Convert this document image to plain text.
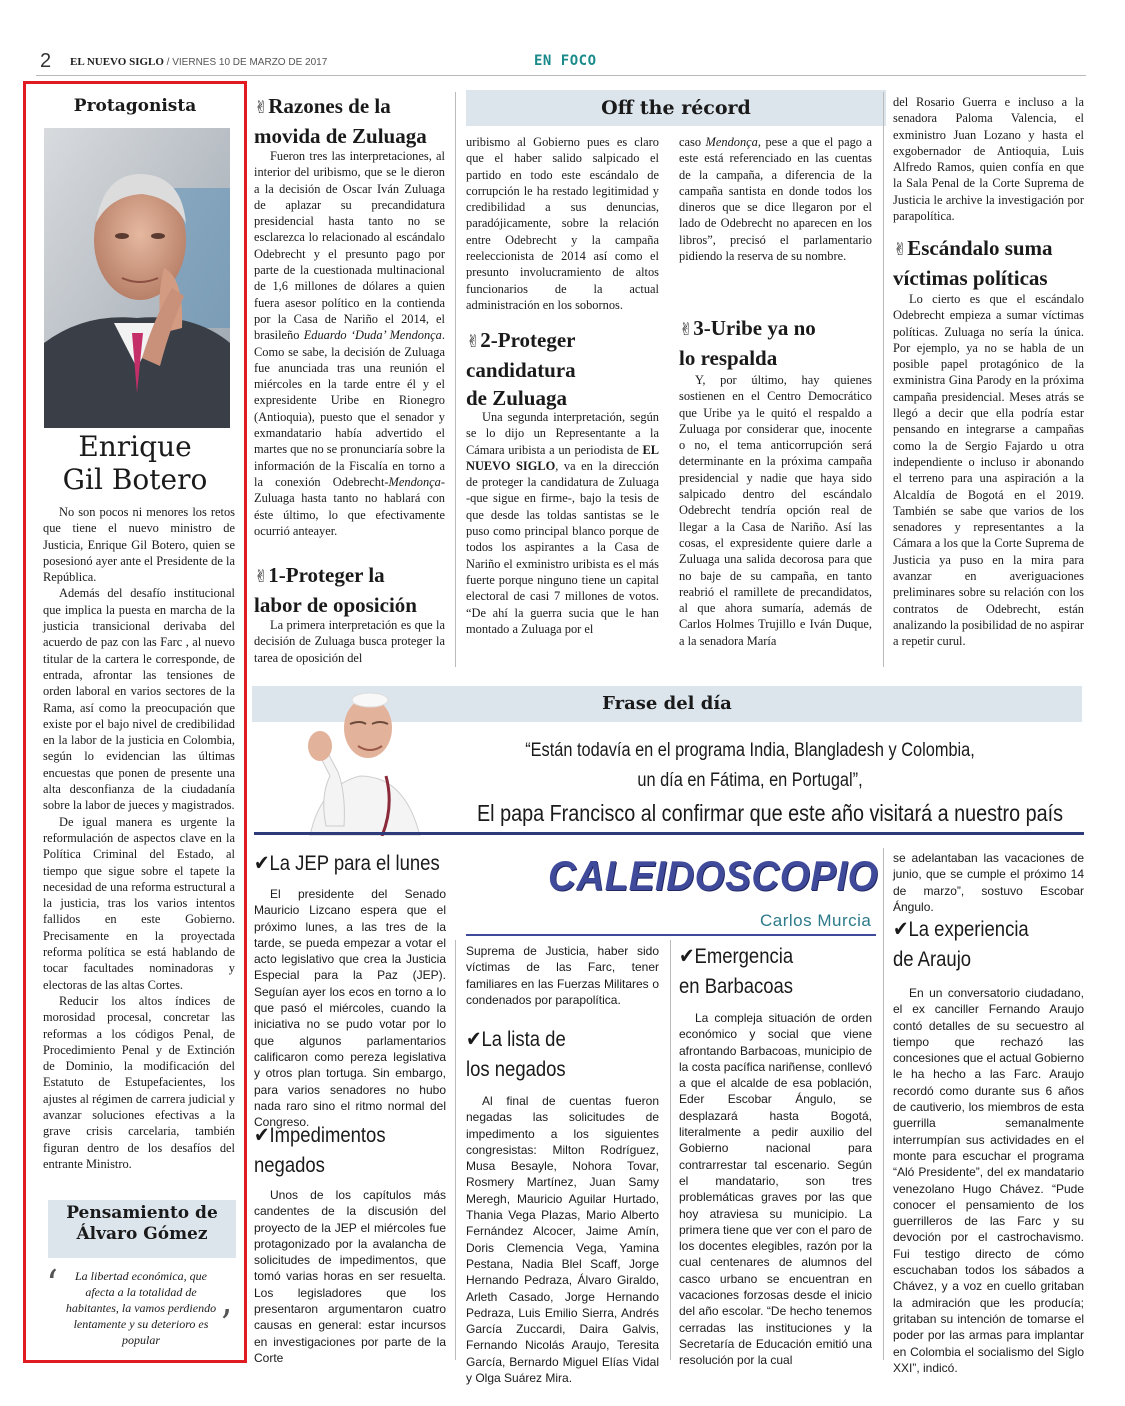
2 EL NUEVO SIGLO / VIERNES 10 DE MARZO DE 2017	EN FOCO
Protagonista
Enrique
Gil Botero

No son pocos ni menores los retos que tiene el nuevo ministro de Justicia, Enrique Gil Botero, quien se posesionó ayer ante el Presidente de la República.

Además del desafío institucional que implica la puesta en marcha de la justicia transicional derivaba del acuerdo de paz con las Farc , al nuevo titular de la cartera le corresponde, de entrada, afrontar las tensiones de orden laboral en varios sectores de la Rama, así como la preocupación que existe por el bajo nivel de credibilidad en la labor de la justicia en Colombia, según lo evidencian las últimas encuestas que ponen de presente una alta desconfianza de la ciudadanía sobre la labor de jueces y magistrados.

De igual manera es urgente la reformulación de aspectos clave en la Política Criminal del Estado, al tiempo que sigue sobre el tapete la necesidad de una reforma estructural a la justicia, tras los varios intentos fallidos en este Gobierno. Precisamente en la proyectada reforma política se está hablando de tocar facultades nominadoras y electoras de las altas Cortes.

Reducir los altos índices de morosidad procesal, concretar las reformas a los códigos Penal, de Procedimiento Penal y de Extinción de Dominio, la modificación del Estatuto de Estupefacientes, los ajustes al régimen de carrera judicial y avanzar soluciones efectivas a la grave crisis carcelaria, también figuran dentro de los desafíos del entrante Ministro.

Pensamiento de
Álvaro Gómez
La libertad económica, que afecta a la totalidad de habitantes, la vamos perdiendo lentamente y su deterioro es popular
‘
’
✌Razones de la
movida de Zuluaga

Fueron tres las interpretaciones, al interior del uribismo, que se le dieron a la decisión de Oscar Iván Zuluaga de aplazar su precandidatura presidencial hasta tanto no se esclarezca lo relacionado al escándalo Odebrecht y el presunto pago por parte de la cuestionada multinacional de 1,6 millones de dólares a quien fuera asesor político en la contienda por la Casa de Nariño el 2014, el brasileño Eduardo ‘Duda’ Mendonça. Como se sabe, la decisión de Zuluaga fue anunciada tras una reunión el miércoles en la tarde entre él y el expresidente Uribe en Rionegro (Antioquia), puesto que el senador y exmandatario había advertido el martes que no se pronunciaría sobre la información de la Fiscalía en torno a la conexión Odebrecht-Mendonça-Zuluaga hasta tanto no hablará con éste último, lo que efectivamente ocurrió anteayer.

✌1-Proteger la
labor de oposición

La primera interpretación es que la decisión de Zuluaga busca proteger la tarea de oposición del

Off the récord

uribismo al Gobierno pues es claro que el haber salido salpicado el partido en todo este escándalo de corrupción le ha restado legitimidad y credibilidad a sus denuncias, paradójicamente, sobre la relación entre Odebrecht y la campaña reeleccionista de 2014 así como el presunto involucramiento de altos funcionarios de la actual administración en los sobornos.

✌2-Proteger
candidatura
de Zuluaga

Una segunda interpretación, según se lo dijo un Representante a la Cámara uribista a un periodista de EL NUEVO SIGLO, va en la dirección de proteger la candidatura de Zuluaga -que sigue en firme-, bajo la tesis de que desde las toldas santistas se le puso como principal blanco porque de todos los aspirantes a la Casa de Nariño el exministro uribista es el más fuerte porque ninguno tiene un capital electoral de casi 7 millones de votos. “De ahí la guerra sucia que le han montado a Zuluaga por el

caso Mendonça, pese a que el pago a este está referenciado en las cuentas de la campaña, a diferencia de la campaña santista en donde todos los dineros que se dice llegaron por el lado de Odebrecht no aparecen en los libros”, precisó el parlamentario pidiendo la reserva de su nombre.

✌3-Uribe ya no
lo respalda

Y, por último, hay quienes sostienen en el Centro Democrático que Uribe ya le quitó el respaldo a Zuluaga por considerar que, inocente o no, el tema anticorrupción será determinante en la próxima campaña presidencial y nadie que haya sido salpicado dentro del escándalo Odebrecht tendría opción real de llegar a la Casa de Nariño. Así las cosas, el expresidente quiere darle a Zuluaga una salida decorosa para que no baje de su campaña, en tanto reabrió el ramillete de precandidatos, al que ahora sumaría, además de Carlos Holmes Trujillo e Iván Duque, a la senadora María

del Rosario Guerra e incluso a la senadora Paloma Valencia, el exministro Juan Lozano y hasta el exgobernador de Antioquia, Luis Alfredo Ramos, quien confía en que la Sala Penal de la Corte Suprema de Justicia le archive la investigación por parapolítica.

✌Escándalo suma
víctimas políticas

Lo cierto es que el escándalo Odebrecht empieza a sumar víctimas políticas. Zuluaga no sería la única. Por ejemplo, ya no se habla de un posible papel protagónico de la exministra Gina Parody en la próxima campaña presidencial. Meses atrás se llegó a decir que ella podría estar pensando en integrarse a campañas como la de Sergio Fajardo u otra independiente o incluso ir abonando el terreno para una aspiración a la Alcaldía de Bogotá en el 2019. También se sabe que varios de los senadores y representantes a la Cámara a los que la Corte Suprema de Justicia ya puso en la mira para avanzar en averiguaciones preliminares sobre su relación con los contratos de Odebrecht, están analizando la posibilidad de no aspirar a repetir curul.

Frase del día
“Están todavía en el programa India, Blangladesh y Colombia,
un día en Fátima, en Portugal”,
El papa Francisco al confirmar que este año visitará a nuestro país
CALEIDOSCOPIO
Carlos Murcia
✔La JEP para el lunes

El presidente del Senado Mauricio Lizcano espera que el próximo lunes, a las tres de la tarde, se pueda empezar a votar el acto legislativo que crea la Justicia Especial para la Paz (JEP). Seguían ayer los ecos en torno a lo que pasó el miércoles, cuando la iniciativa no se pudo votar por lo que algunos parlamentarios calificaron como pereza legislativa y otros plan tortuga. Sin embargo, para varios senadores no hubo nada raro sino el ritmo normal del Congreso.

✔Impedimentos
negados

Unos de los capítulos más candentes de la discusión del proyecto de la JEP el miércoles fue protagonizado por la avalancha de solicitudes de impedimentos, que tomó varias horas en ser resuelta. Los legisladores que los presentaron argumentaron cuatro causas en general: estar incursos en investigaciones por parte de la Corte

Suprema de Justicia, haber sido víctimas de las Farc, tener familiares en las Fuerzas Militares o condenados por parapolítica.

✔La lista de
los negados

Al final de cuentas fueron negadas las solicitudes de impedimento a los siguientes congresistas: Milton Rodríguez, Musa Besayle, Nohora Tovar, Rosmery Martínez, Juan Samy Meregh, Mauricio Aguilar Hurtado, Thania Vega Plazas, Mario Alberto Fernández Alcocer, Jaime Amín, Doris Clemencia Vega, Yamina Pestana, Nadia Blel Scaff, Jorge Hernando Pedraza, Álvaro Giraldo, Arleth Casado, Jorge Hernando Pedraza, Luis Emilio Sierra, Andrés García Zuccardi, Daira Galvis, Fernando Nicolás Araujo, Teresita García, Bernardo Miguel Elías Vidal y Olga Suárez Mira.

✔Emergencia
en Barbacoas

La compleja situación de orden económico y social que viene afrontando Barbacoas, municipio de la costa pacífica nariñense, conllevó a que el alcalde de esa población, Eder Escobar Ángulo, se desplazará hasta Bogotá, literalmente a pedir auxilio del Gobierno nacional para contrarrestar tal escenario. Según el mandatario, son tres problemáticas graves por las que hoy atraviesa su municipio. La primera tiene que ver con el paro de los docentes elegibles, razón por la cual centenares de alumnos del casco urbano se encuentran en vacaciones forzosas desde el inicio del año escolar. “De hecho tenemos cerradas las instituciones y la Secretaría de Educación emitió una resolución por la cual

se adelantaban las vacaciones de junio, que se cumple el próximo 14 de marzo”, sostuvo Escobar Ángulo.

✔La experiencia
de Araujo

En un conversatorio ciudadano, el ex canciller Fernando Araujo contó detalles de su secuestro al tiempo que rechazó las concesiones que el actual Gobierno le ha hecho a las Farc. Araujo recordó como durante sus 6 años de cautiverio, los miembros de esta guerrilla semanalmente interrumpían sus actividades en el monte para escuchar el programa “Aló Presidente”, del ex mandatario venezolano Hugo Chávez. “Pude conocer el pensamiento de los guerrilleros de las Farc y su devoción por el castrochavismo. Fui testigo directo de cómo escuchaban todos los sábados a Chávez, y a voz en cuello gritaban la admiración que les producía; gritaban su intención de tomarse el poder por las armas para implantar en Colombia el socialismo del Siglo XXI”, indicó.
